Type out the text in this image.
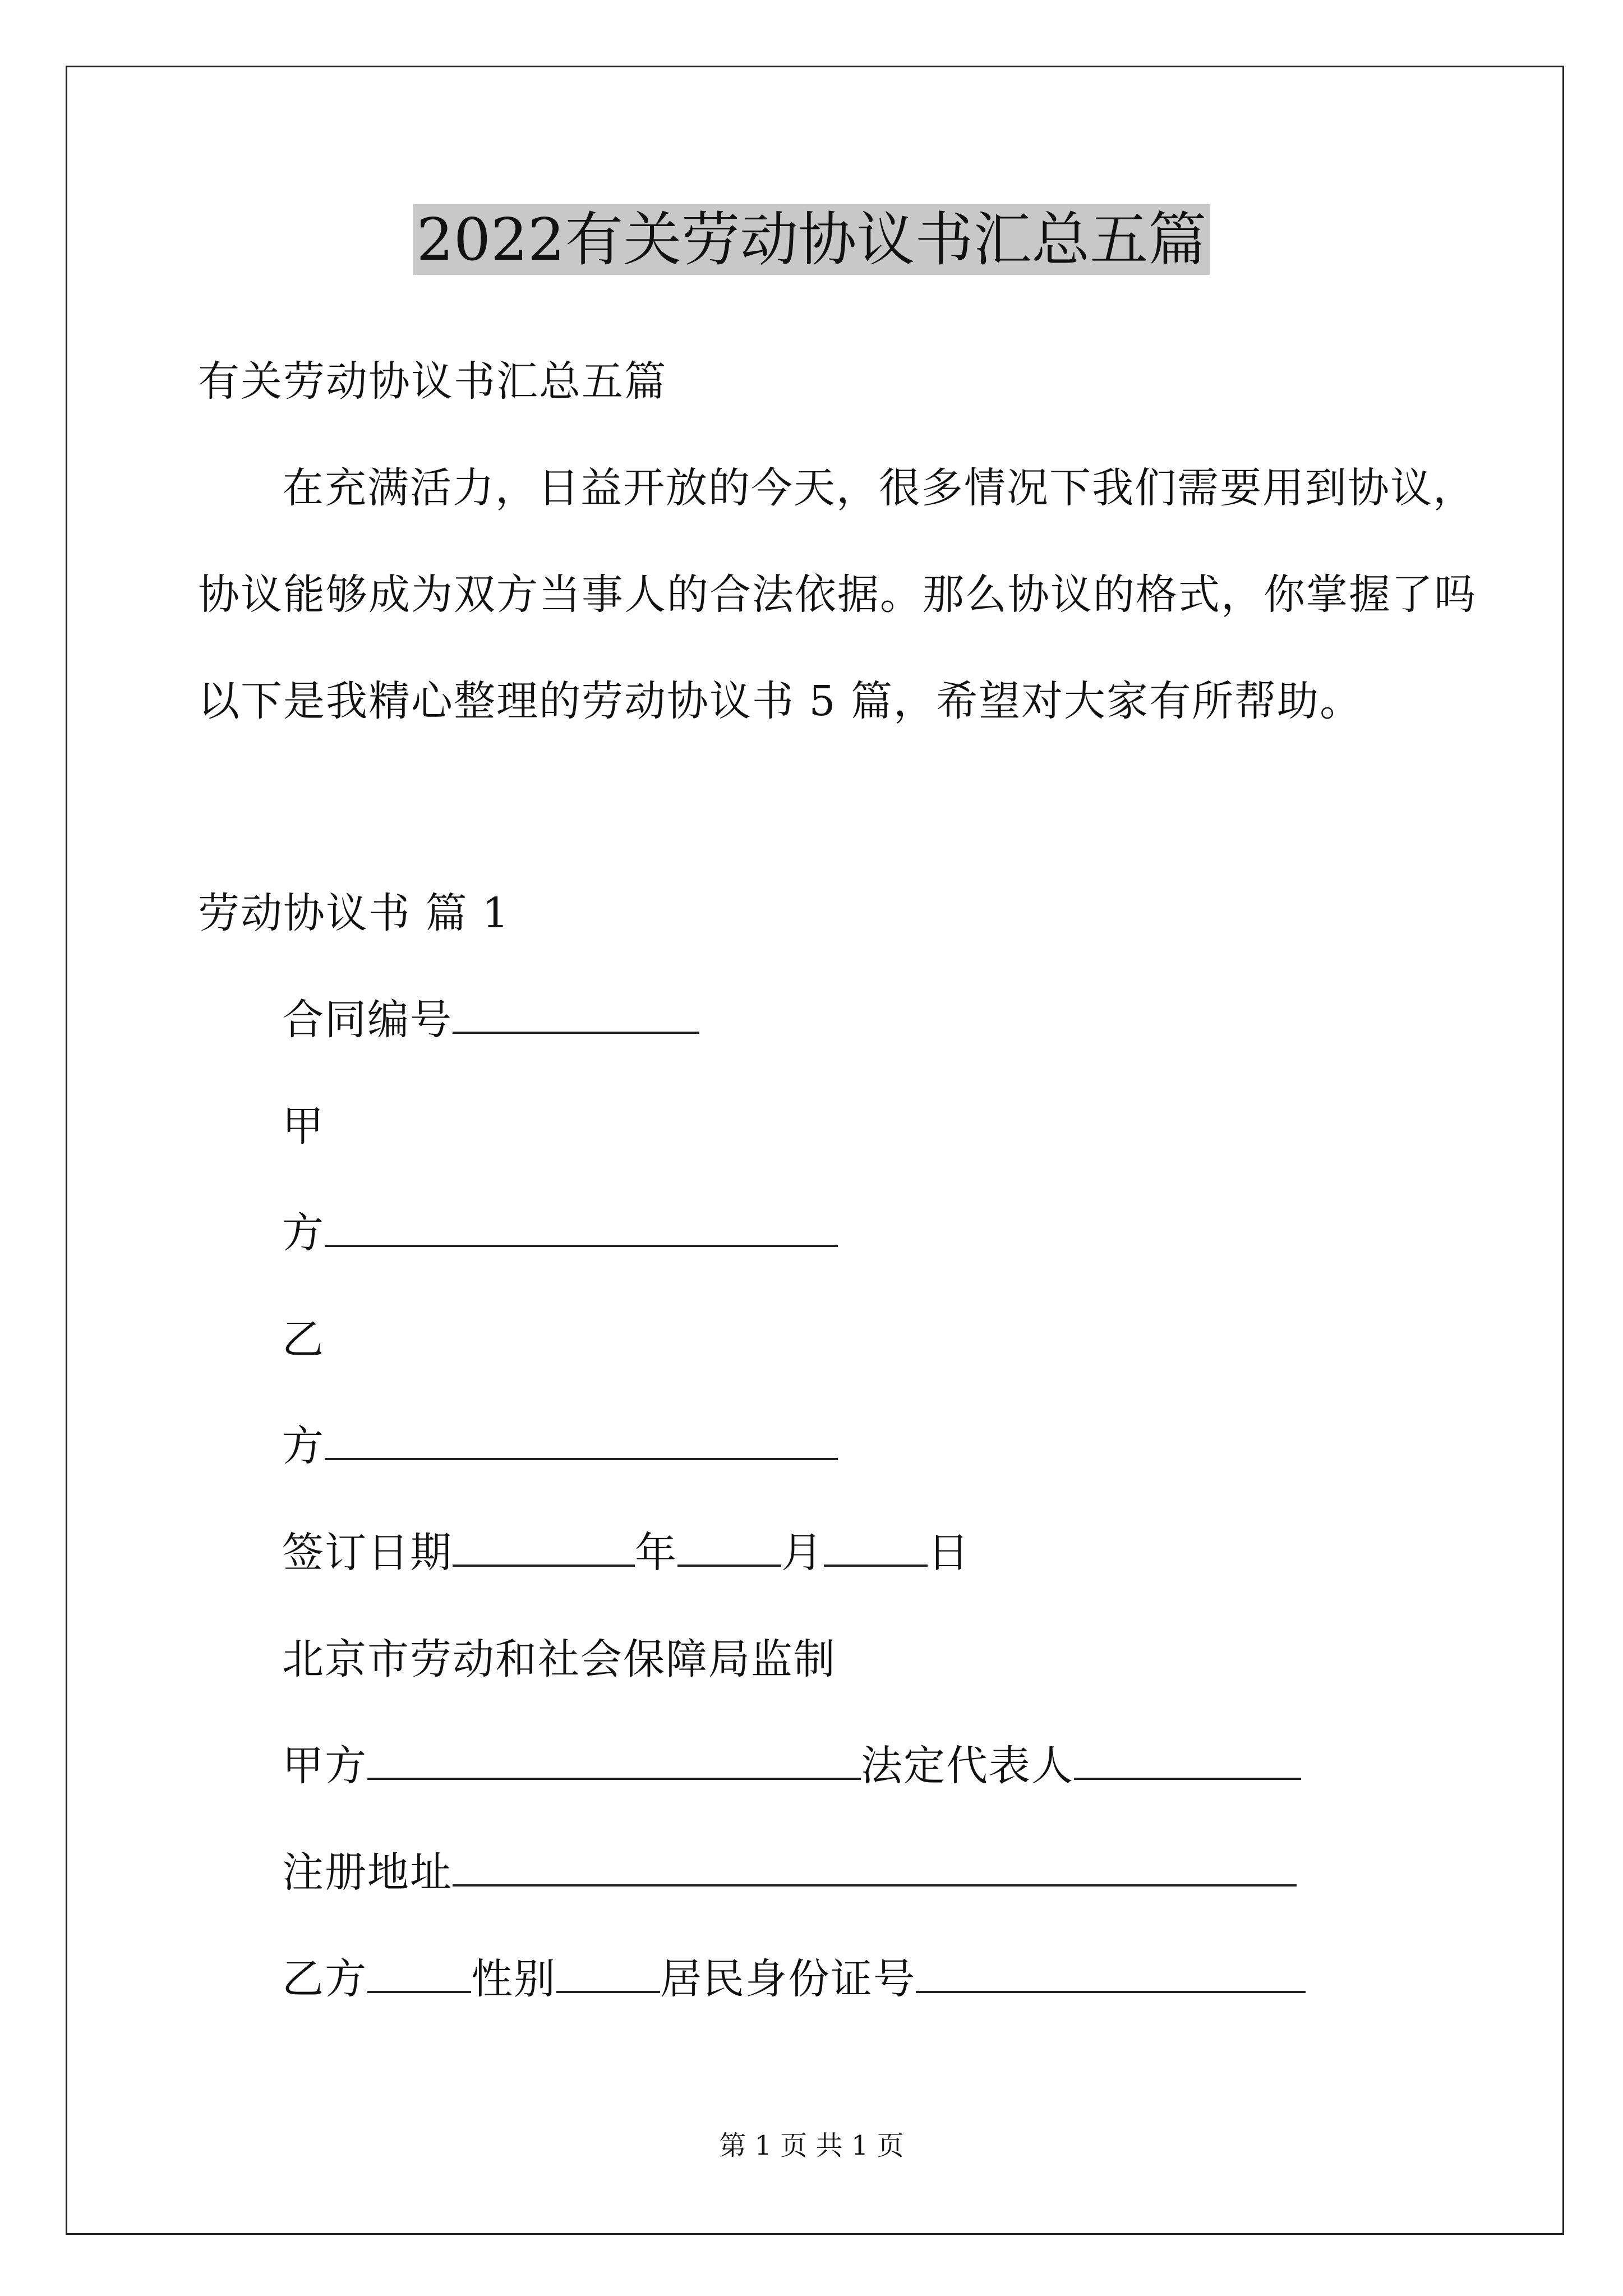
2022有关劳动协议书汇总五篇
有关劳动协议书汇总五篇
在充满活力，日益开放的今天，很多情况下我们需要用到协议，
协议能够成为双方当事人的合法依据。那么协议的格式，你掌握了吗
以下是我精心整理的劳动协议书 5 篇，希望对大家有所帮助。
劳动协议书 篇 1
合同编号
甲
方
乙
方
签订日期	年	月	日
北京市劳动和社会保障局监制
甲方	法定代表人
注册地址
乙方	性别	居民身份证号
第 1 页 共 1 页
